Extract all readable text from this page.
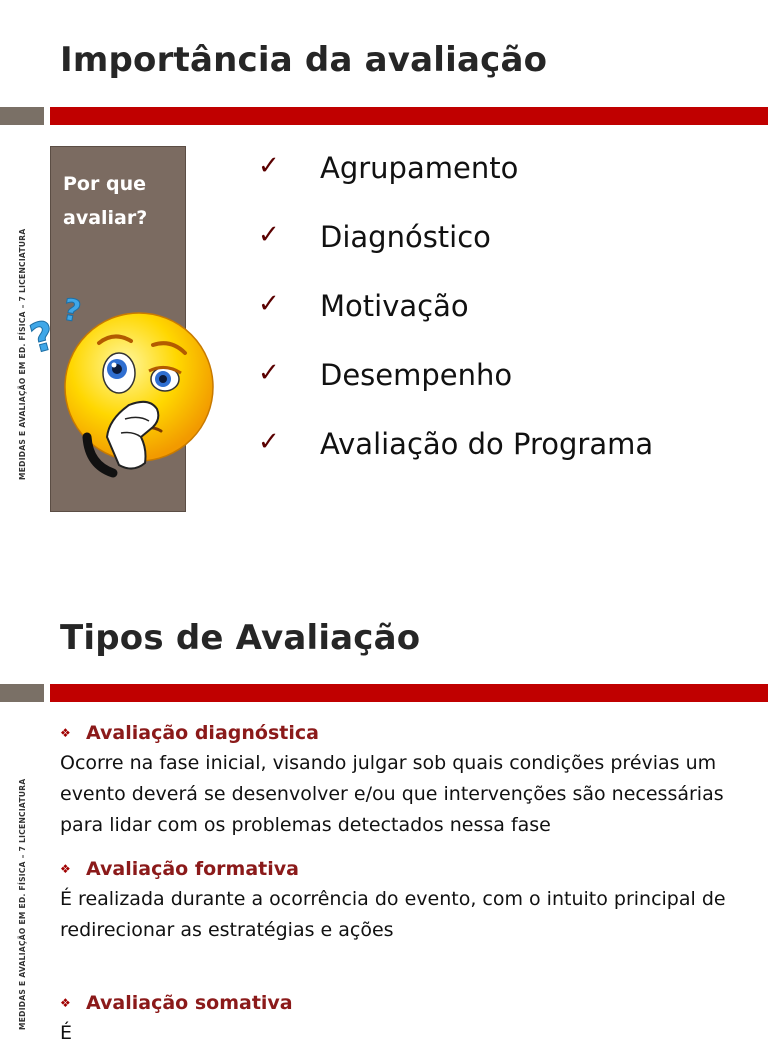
Importância da avaliação
MEDIDAS E AVALIAÇÃO EM ED. FÍSICA – 7 LICENCIATURA
Por que avaliar?
?
?
✓	Agrupamento
✓	Diagnóstico
✓	Motivação
✓	Desempenho
✓	Avaliação do Programa
Tipos de Avaliação
MEDIDAS E AVALIAÇÃO EM ED. FÍSICA – 7 LICENCIATURA
❖ Avaliação diagnóstica
Ocorre na fase inicial, visando julgar sob quais condições prévias um evento deverá se desenvolver e/ou que intervenções são necessárias para lidar com os problemas detectados nessa fase
❖ Avaliação formativa
É realizada durante a ocorrência do evento, com o intuito principal de redirecionar as estratégias e ações
❖ Avaliação somativa
É
